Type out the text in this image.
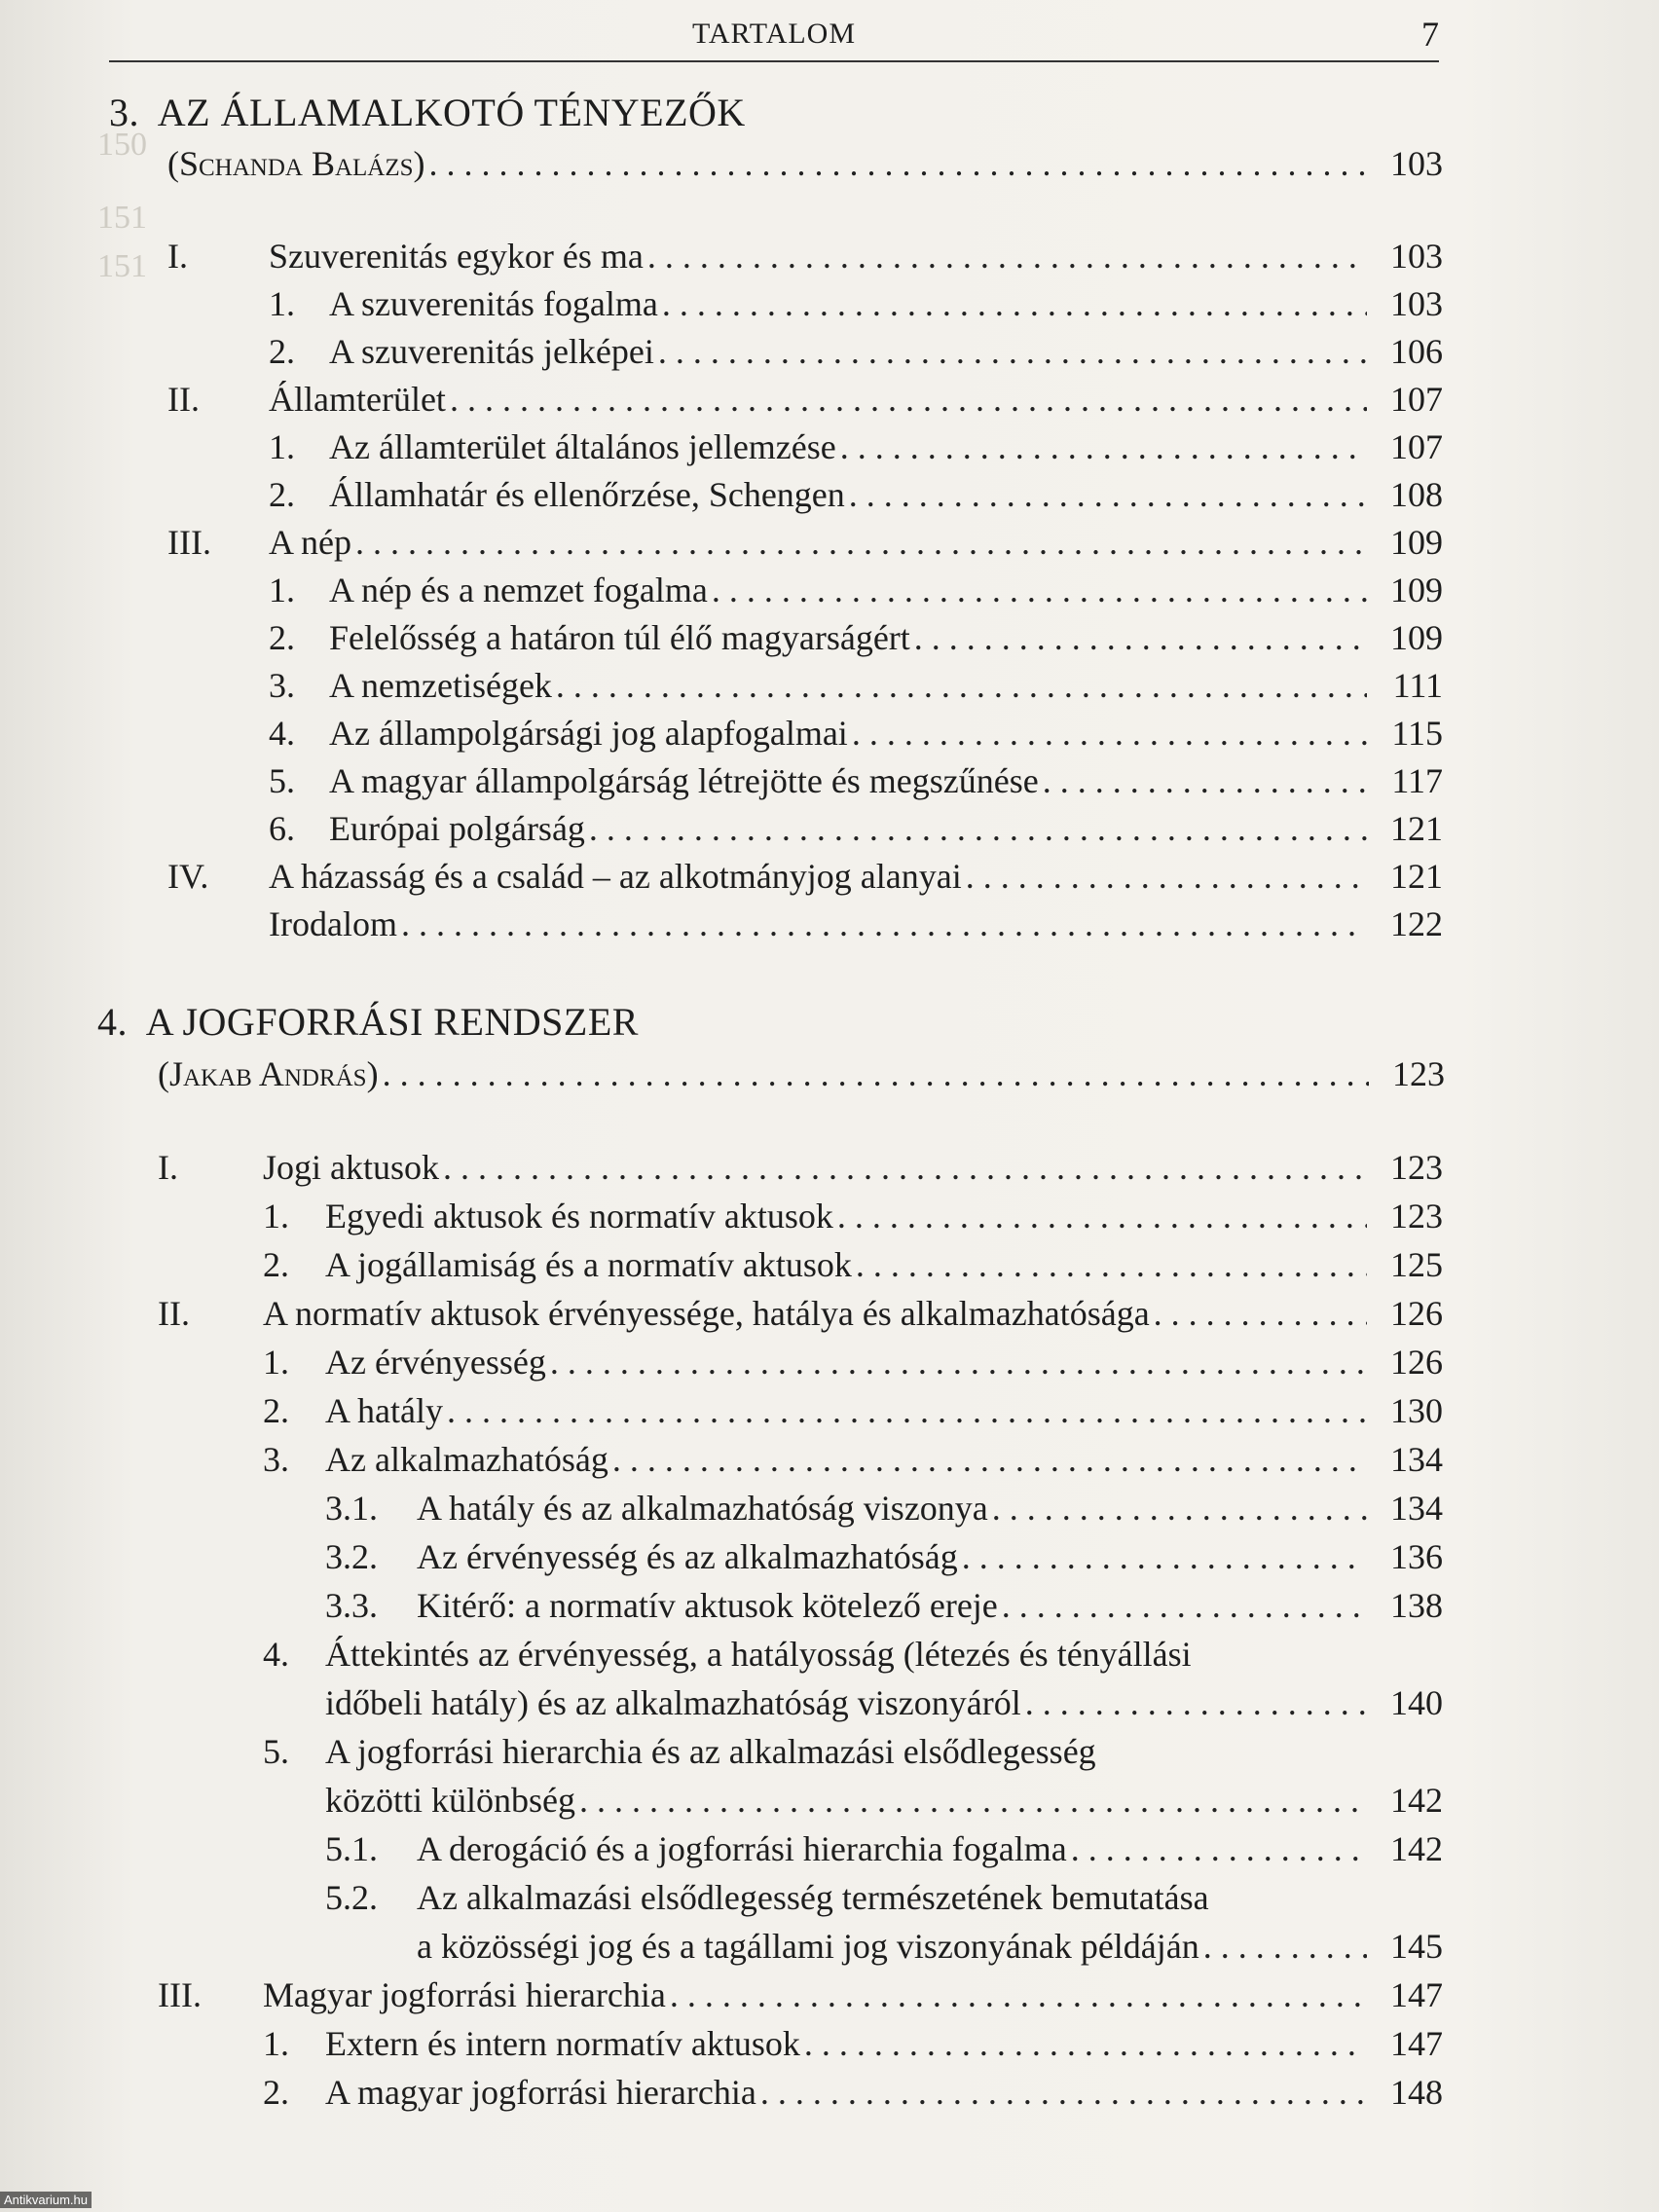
150
151
151
TARTALOM	7
3. AZ ÁLLAMALKOTÓ TÉNYEZŐK
(Schanda Balázs) . . .	103
I. Szuverenitás egykor és ma . . .	103
1. A szuverenitás fogalma . . .	103
2. A szuverenitás jelképei . . .	106
II. Államterület . . .	107
1. Az államterület általános jellemzése . . .	107
2. Államhatár és ellenőrzése, Schengen . . .	108
III. A nép . . .	109
1. A nép és a nemzet fogalma . . .	109
2. Felelősség a határon túl élő magyarságért . . .	109
3. A nemzetiségek . . .	111
4. Az állampolgársági jog alapfogalmai . . .	115
5. A magyar állampolgárság létrejötte és megszűnése . . .	117
6. Európai polgárság . . .	121
IV. A házasság és a család – az alkotmányjog alanyai . . .	121
Irodalom . . .	122
4. A JOGFORRÁSI RENDSZER
(Jakab András) . . .	123
I. Jogi aktusok . . .	123
1. Egyedi aktusok és normatív aktusok . . .	123
2. A jogállamiság és a normatív aktusok . . .	125
II. A normatív aktusok érvényessége, hatálya és alkalmazhatósága . . .	126
1. Az érvényesség . . .	126
2. A hatály . . .	130
3. Az alkalmazhatóság . . .	134
3.1. A hatály és az alkalmazhatóság viszonya . . .	134
3.2. Az érvényesség és az alkalmazhatóság . . .	136
3.3. Kitérő: a normatív aktusok kötelező ereje . . .	138
4. Áttekintés az érvényesség, a hatályosság (létezés és tényállási
időbeli hatály) és az alkalmazhatóság viszonyáról . . .	140
5. A jogforrási hierarchia és az alkalmazási elsődlegesség
közötti különbség . . .	142
5.1. A derogáció és a jogforrási hierarchia fogalma . . .	142
5.2. Az alkalmazási elsődlegesség természetének bemutatása
a közösségi jog és a tagállami jog viszonyának példáján . . .	145
III. Magyar jogforrási hierarchia . . .	147
1. Extern és intern normatív aktusok . . .	147
2. A magyar jogforrási hierarchia . . .	148
Antikvarium.hu
